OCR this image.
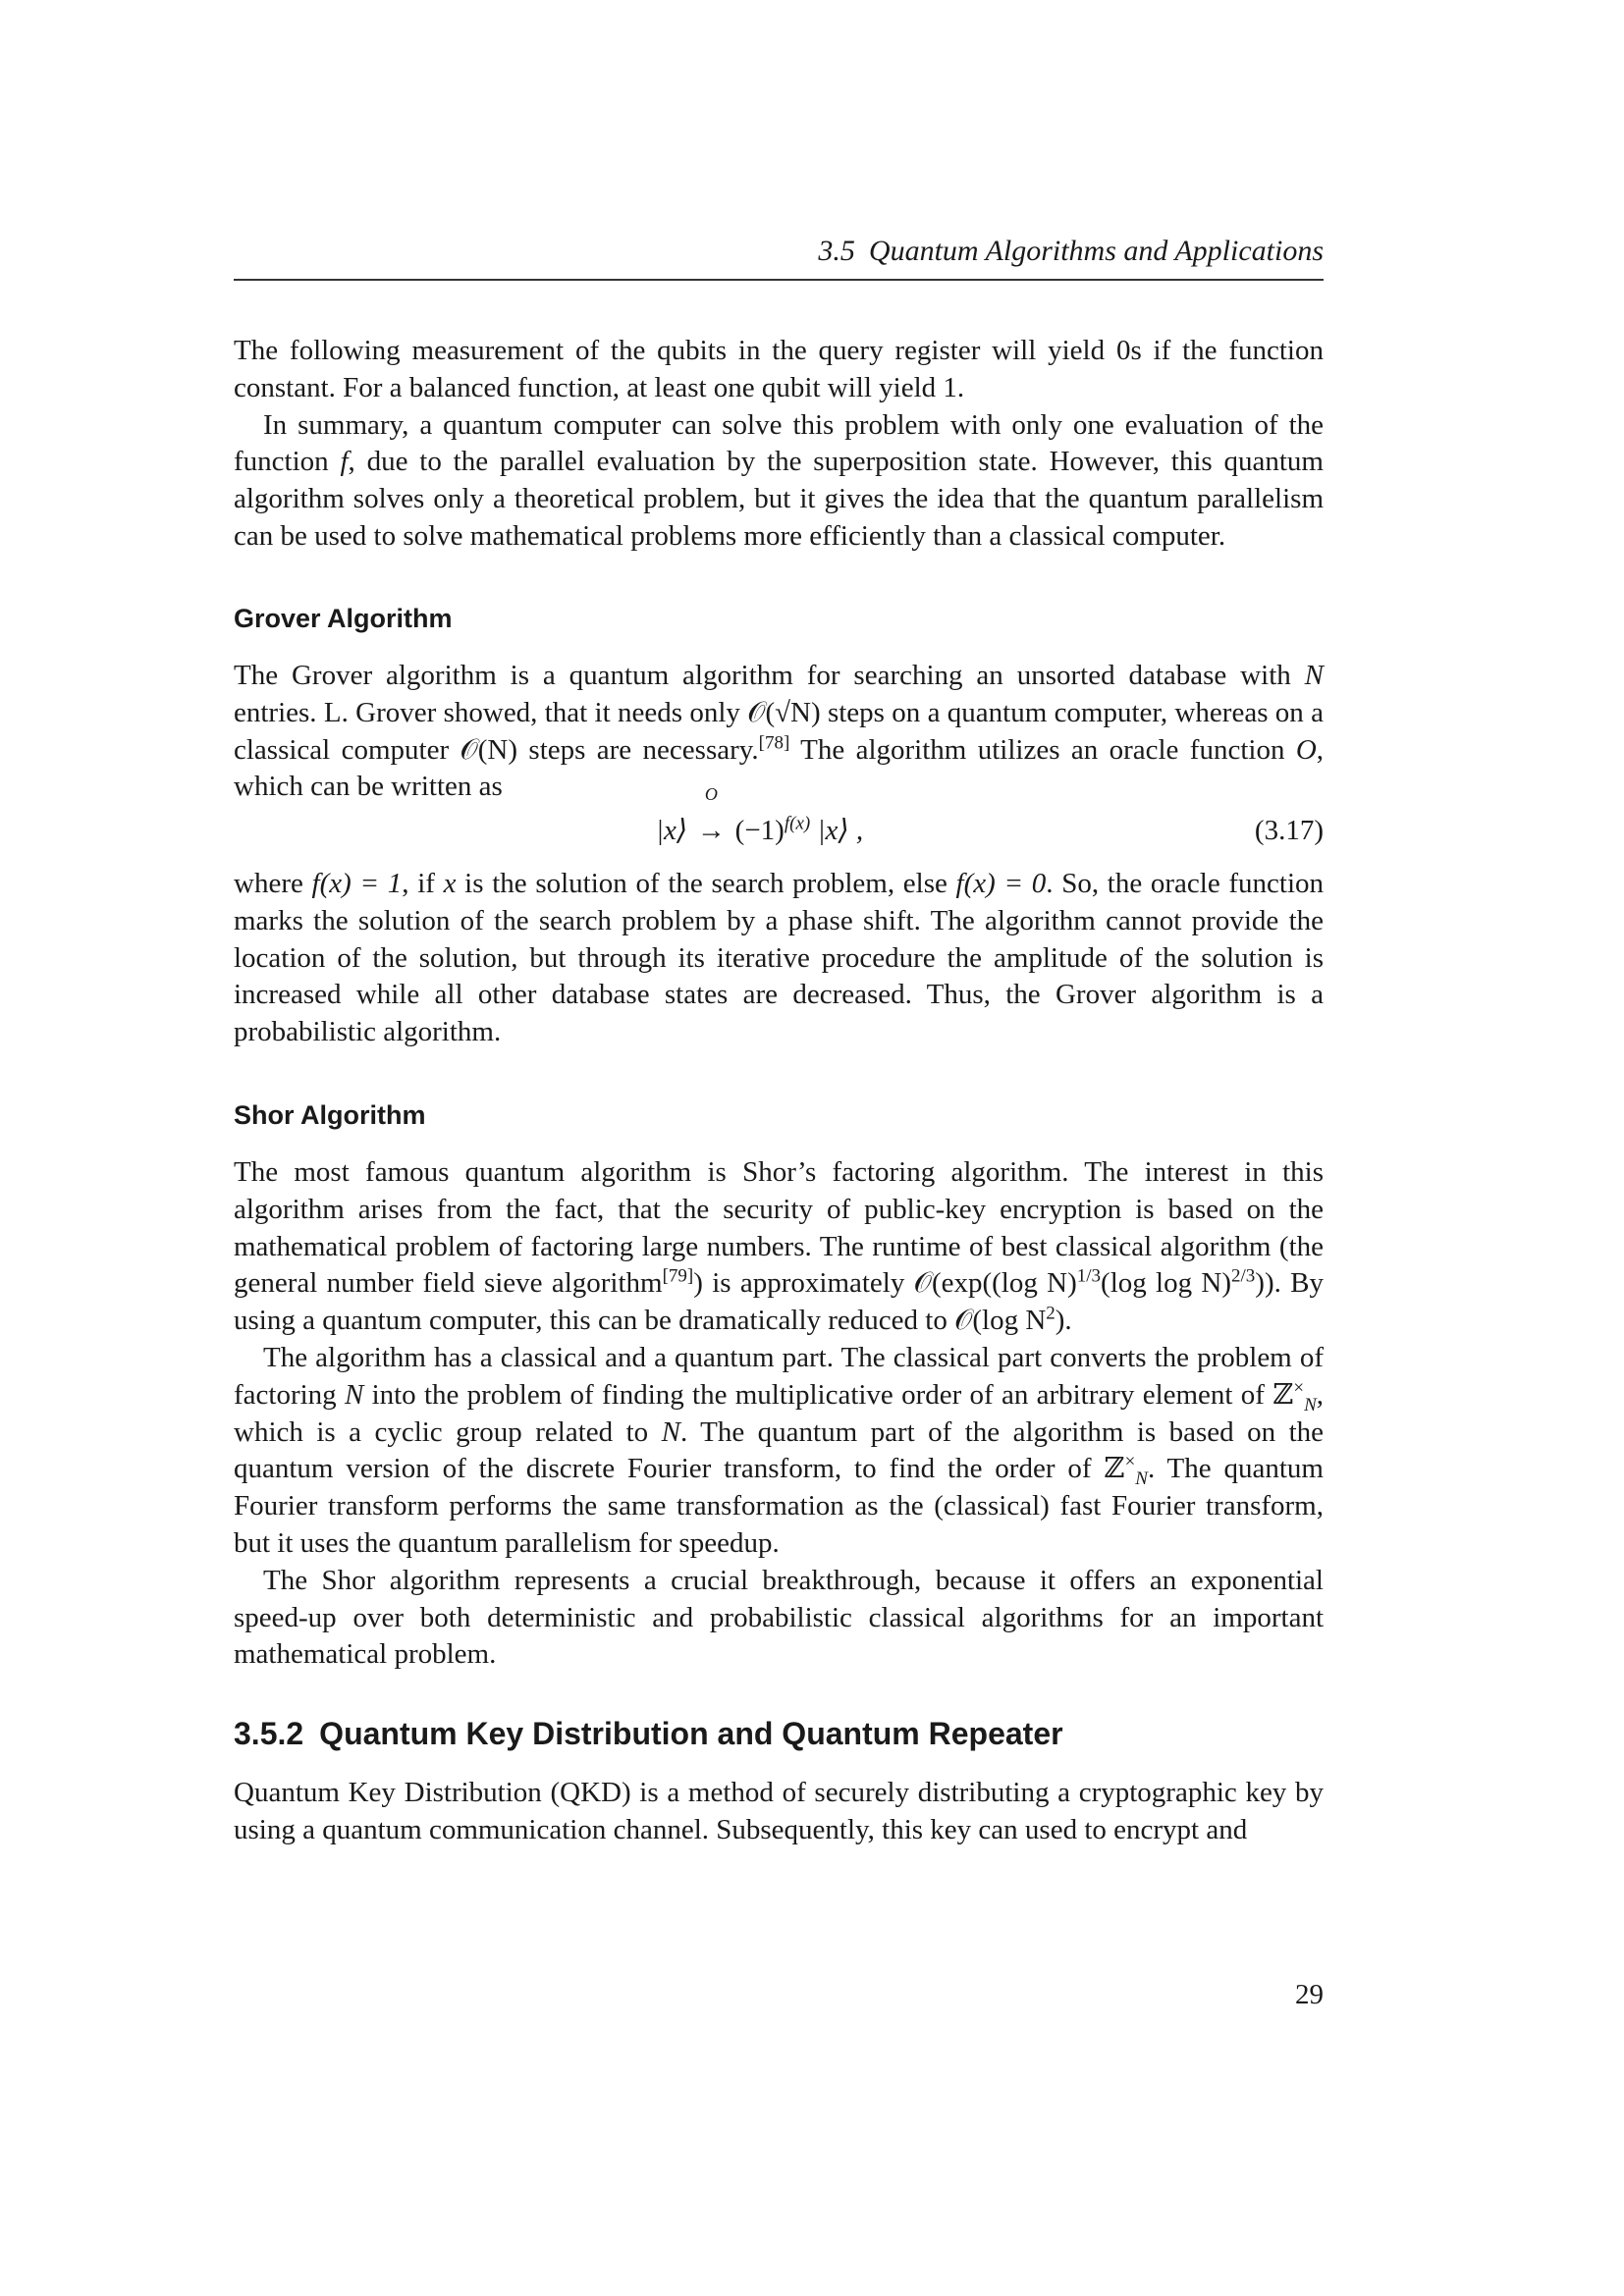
3.5 Quantum Algorithms and Applications

The following measurement of the qubits in the query register will yield 0s if the function constant. For a balanced function, at least one qubit will yield 1.

In summary, a quantum computer can solve this problem with only one evaluation of the function f, due to the parallel evaluation by the superposition state. However, this quantum algorithm solves only a theoretical problem, but it gives the idea that the quantum parallelism can be used to solve mathematical problems more efficiently than a classical computer.

Grover Algorithm

The Grover algorithm is a quantum algorithm for searching an unsorted database with N entries. L. Grover showed, that it needs only 𝒪(√N) steps on a quantum computer, whereas on a classical computer 𝒪(N) steps are necessary.[78] The algorithm utilizes an oracle function O, which can be written as

|x⟩
O
→ $(-1)^{f(x)}$ |x⟩ ,	(3.17)

where f(x) = 1, if x is the solution of the search problem, else f(x) = 0. So, the oracle function marks the solution of the search problem by a phase shift. The algorithm cannot provide the location of the solution, but through its iterative procedure the amplitude of the solution is increased while all other database states are decreased. Thus, the Grover algorithm is a probabilistic algorithm.

Shor Algorithm

The most famous quantum algorithm is Shor’s factoring algorithm. The interest in this algorithm arises from the fact, that the security of public-key encryption is based on the mathematical problem of factoring large numbers. The runtime of best classical algorithm (the general number field sieve algorithm[79]) is approximately 𝒪(exp((log N)$^{1/3}$(log log N)$^{2/3}$)). By using a quantum computer, this can be dramatically reduced to 𝒪(log $N^2$).

The algorithm has a classical and a quantum part. The classical part converts the problem of factoring N into the problem of finding the multiplicative order of an arbitrary element of ℤ×$_N$, which is a cyclic group related to N. The quantum part of the algorithm is based on the quantum version of the discrete Fourier transform, to find the order of ℤ×$_N$. The quantum Fourier transform performs the same transformation as the (classical) fast Fourier transform, but it uses the quantum parallelism for speedup.

The Shor algorithm represents a crucial breakthrough, because it offers an exponential speed-up over both deterministic and probabilistic classical algorithms for an important mathematical problem.

3.5.2 Quantum Key Distribution and Quantum Repeater

Quantum Key Distribution (QKD) is a method of securely distributing a cryptographic key by using a quantum communication channel. Subsequently, this key can used to encrypt and

29
